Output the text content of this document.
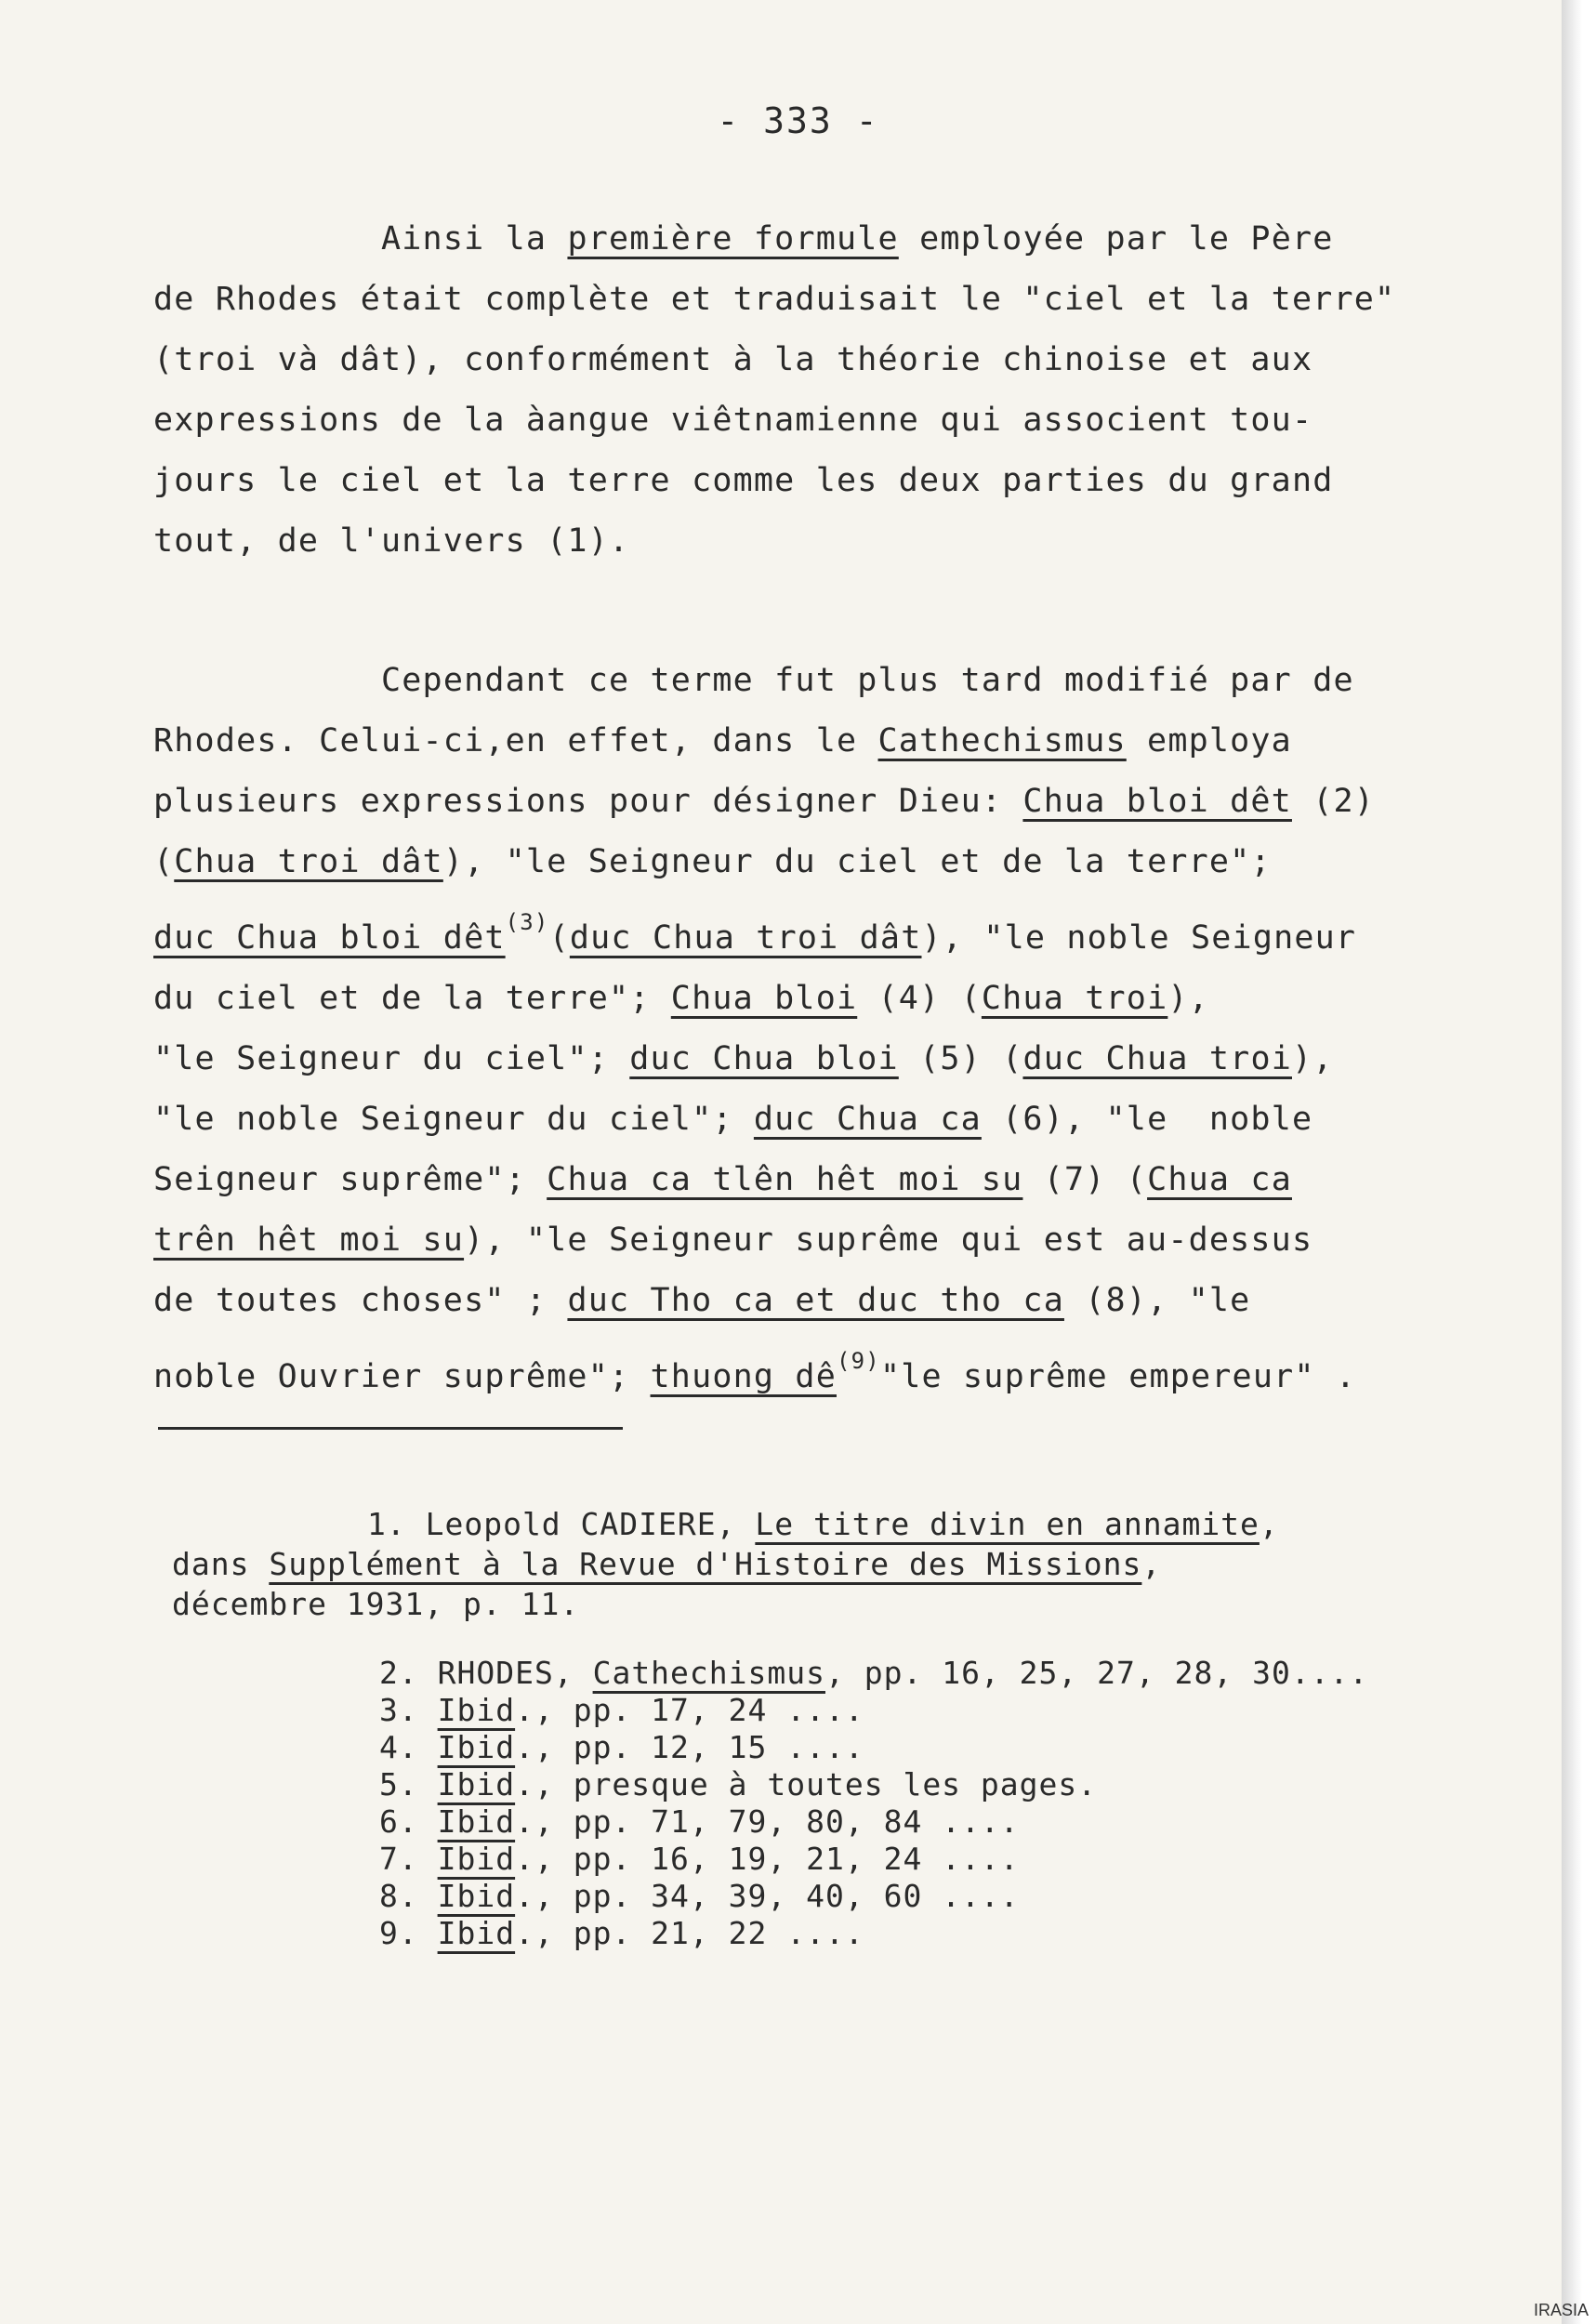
- 333 -
Ainsi la première formule employée par le Père
de Rhodes était complète et traduisait le "ciel et la terre"
(troi và dât), conformément à la théorie chinoise et aux
expressions de la àangue viêtnamienne qui associent tou-
jours le ciel et la terre comme les deux parties du grand
tout, de l'univers (1).
Cependant ce terme fut plus tard modifié par de
Rhodes. Celui-ci,en effet, dans le Cathechismus employa
plusieurs expressions pour désigner Dieu: Chua bloi dêt (2)
(Chua troi dât), "le Seigneur du ciel et de la terre";
duc Chua bloi dêt$^{(3)}$(duc Chua troi dât), "le noble Seigneur
du ciel et de la terre"; Chua bloi (4) (Chua troi),
"le Seigneur du ciel"; duc Chua bloi (5) (duc Chua troi),
"le noble Seigneur du ciel"; duc Chua ca (6), "le  noble
Seigneur suprême"; Chua ca tlên hêt moi su (7) (Chua ca
trên hêt moi su), "le Seigneur suprême qui est au-dessus
de toutes choses" ; duc Tho ca et duc tho ca (8), "le
noble Ouvrier suprême"; thuong $dê^{(9)}"le$ suprême empereur" .
1. Leopold CADIERE, Le titre divin en annamite,
dans Supplément à la Revue d'Histoire des Missions,
décembre 1931, p. 11.
2. RHODES, Cathechismus, pp. 16, 25, 27, 28, 30....
3. Ibid., pp. 17, 24 ....
4. Ibid., pp. 12, 15 ....
5. Ibid., presque à toutes les pages.
6. Ibid., pp. 71, 79, 80, 84 ....
7. Ibid., pp. 16, 19, 21, 24 ....
8. Ibid., pp. 34, 39, 40, 60 ....
9. Ibid., pp. 21, 22 ....
IRASIA
